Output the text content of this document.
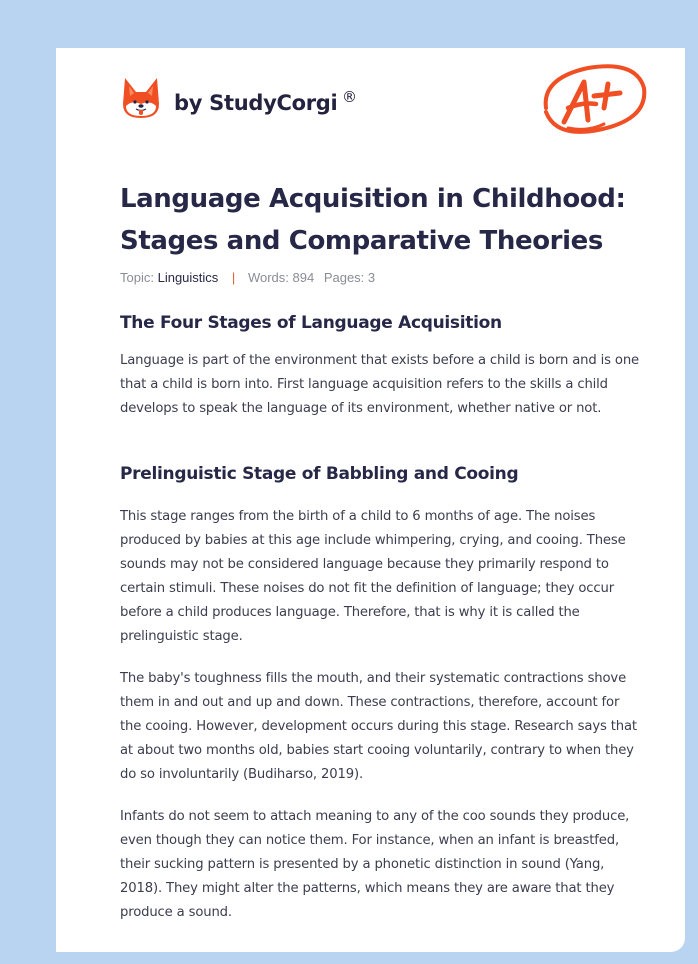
by StudyCorgi ®
Language Acquisition in Childhood: Stages and Comparative Theories
Topic: Linguistics | Words: 894 Pages: 3
The Four Stages of Language Acquisition

Language is part of the environment that exists before a child is born and is one that a child is born into. First language acquisition refers to the skills a child develops to speak the language of its environment, whether native or not.

Prelinguistic Stage of Babbling and Cooing

This stage ranges from the birth of a child to 6 months of age. The noises produced by babies at this age include whimpering, crying, and cooing. These sounds may not be considered language because they primarily respond to certain stimuli. These noises do not fit the definition of language; they occur before a child produces language. Therefore, that is why it is called the prelinguistic stage.

The baby's toughness fills the mouth, and their systematic contractions shove them in and out and up and down. These contractions, therefore, account for the cooing. However, development occurs during this stage. Research says that at about two months old, babies start cooing voluntarily, contrary to when they do so involuntarily (Budiharso, 2019).

Infants do not seem to attach meaning to any of the coo sounds they produce, even though they can notice them. For instance, when an infant is breastfed, their sucking pattern is presented by a phonetic distinction in sound (Yang, 2018). They might alter the patterns, which means they are aware that they produce a sound.
